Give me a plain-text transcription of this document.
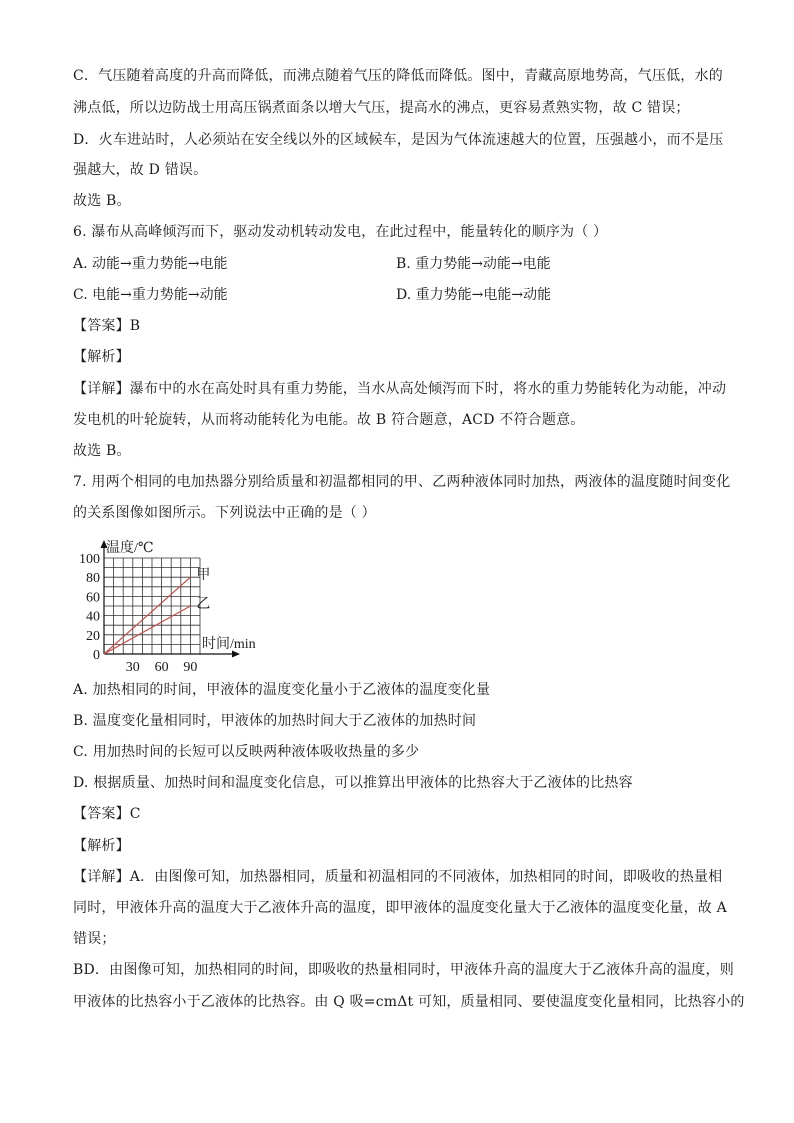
C．气压随着高度的升高而降低，而沸点随着气压的降低而降低。图中，青藏高原地势高，气压低，水的
沸点低，所以边防战士用高压锅煮面条以增大气压，提高水的沸点，更容易煮熟实物，故 C 错误；
D．火车进站时，人必须站在安全线以外的区域候车，是因为气体流速越大的位置，压强越小，而不是压
强越大，故 D 错误。
故选 B。
6. 瀑布从高峰倾泻而下，驱动发动机转动发电，在此过程中，能量转化的顺序为（ ）
A. 动能→重力势能→电能	B. 重力势能→动能→电能
C. 电能→重力势能→动能	D. 重力势能→电能→动能
【答案】B
【解析】
【详解】瀑布中的水在高处时具有重力势能，当水从高处倾泻而下时，将水的重力势能转化为动能，冲动
发电机的叶轮旋转，从而将动能转化为电能。故 B 符合题意，ACD 不符合题意。
故选 B。
7. 用两个相同的电加热器分别给质量和初温都相同的甲、乙两种液体同时加热，两液体的温度随时间变化
的关系图像如图所示。下列说法中正确的是（ ）
0
20
40
60
80
100
30 60 90
温度/℃
时间/min
甲
乙
A. 加热相同的时间，甲液体的温度变化量小于乙液体的温度变化量
B. 温度变化量相同时，甲液体的加热时间大于乙液体的加热时间
C. 用加热时间的长短可以反映两种液体吸收热量的多少
D. 根据质量、加热时间和温度变化信息，可以推算出甲液体的比热容大于乙液体的比热容
【答案】C
【解析】
【详解】A．由图像可知，加热器相同，质量和初温相同的不同液体，加热相同的时间，即吸收的热量相
同时，甲液体升高的温度大于乙液体升高的温度，即甲液体的温度变化量大于乙液体的温度变化量，故 A
错误；
BD．由图像可知，加热相同的时间，即吸收的热量相同时，甲液体升高的温度大于乙液体升高的温度，则
甲液体的比热容小于乙液体的比热容。由 Q 吸=cmΔt 可知，质量相同、要使温度变化量相同，比热容小的
